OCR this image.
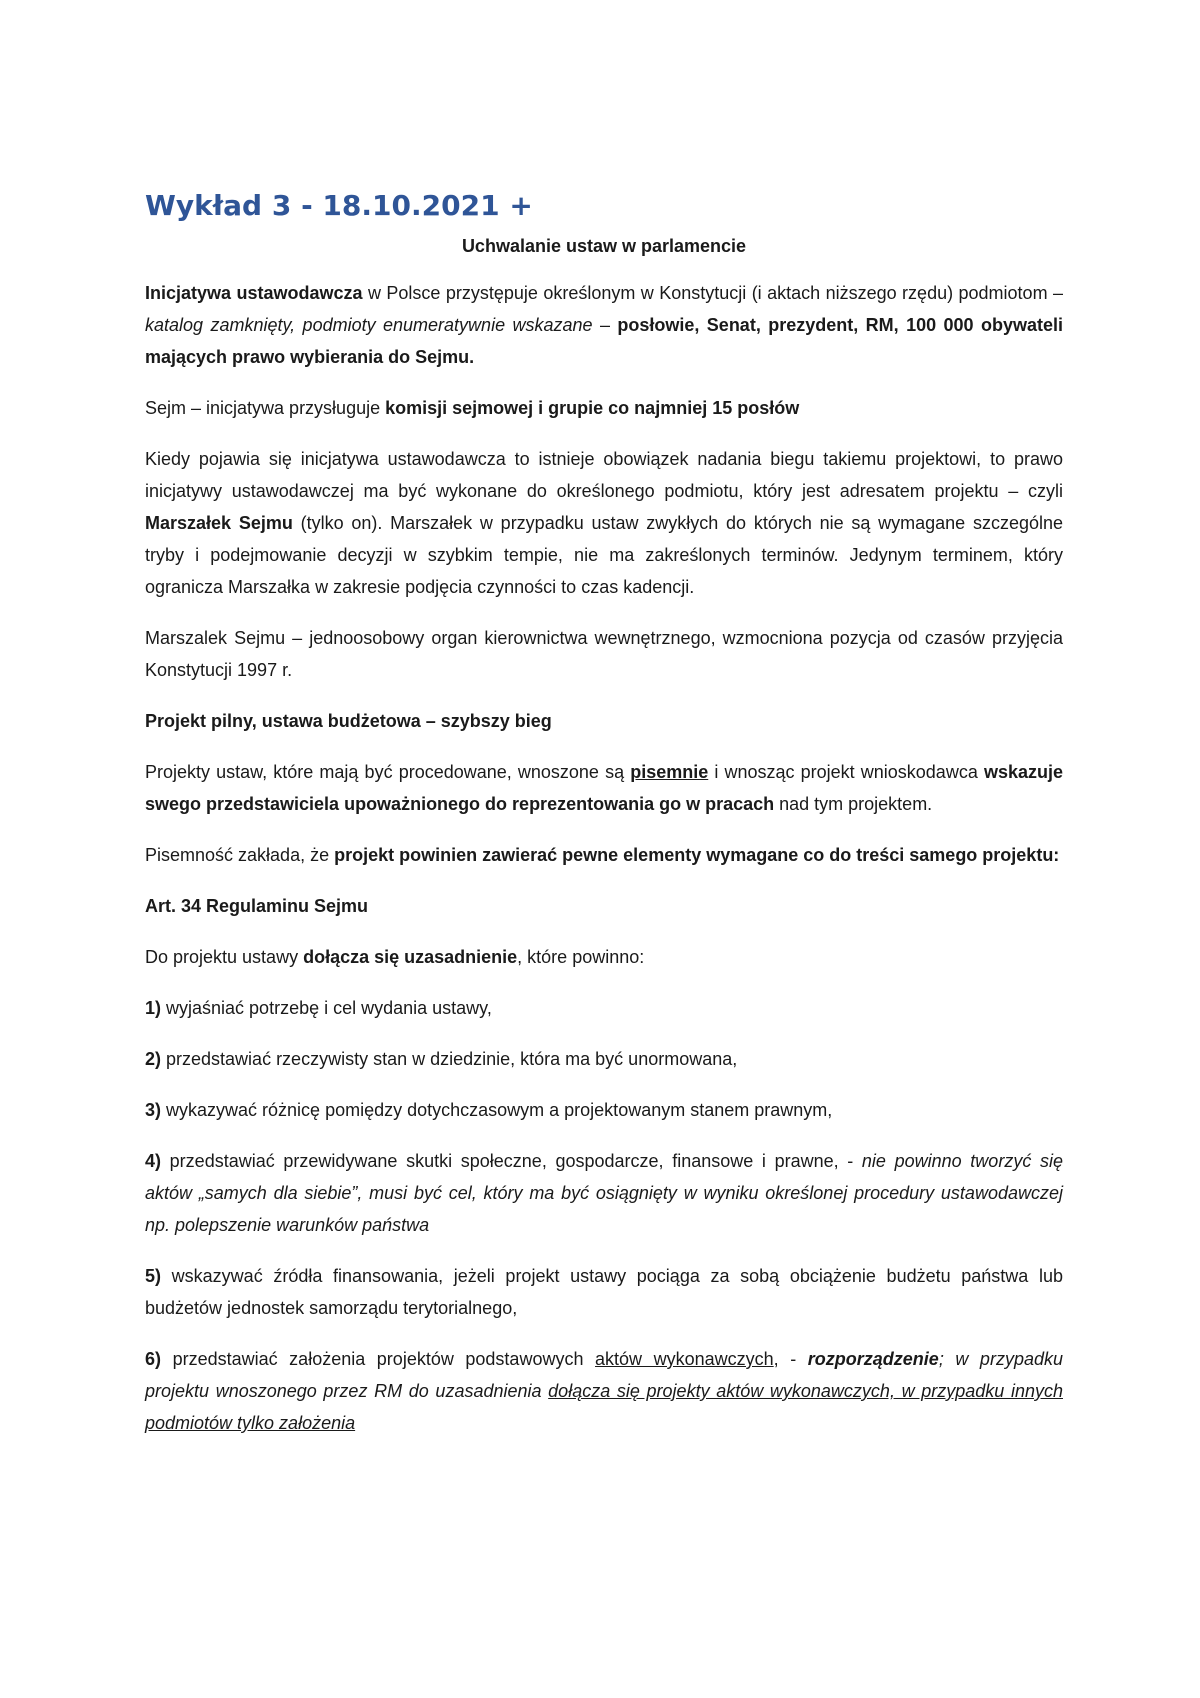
Wykład 3 - 18.10.2021 +
Uchwalanie ustaw w parlamencie

Inicjatywa ustawodawcza w Polsce przystępuje określonym w Konstytucji (i aktach niższego rzędu) podmiotom – katalog zamknięty, podmioty enumeratywnie wskazane – posłowie, Senat, prezydent, RM, 100 000 obywateli mających prawo wybierania do Sejmu.

Sejm – inicjatywa przysługuje komisji sejmowej i grupie co najmniej 15 posłów

Kiedy pojawia się inicjatywa ustawodawcza to istnieje obowiązek nadania biegu takiemu projektowi, to prawo inicjatywy ustawodawczej ma być wykonane do określonego podmiotu, który jest adresatem projektu – czyli Marszałek Sejmu (tylko on). Marszałek w przypadku ustaw zwykłych do których nie są wymagane szczególne tryby i podejmowanie decyzji w szybkim tempie, nie ma zakreślonych terminów. Jedynym terminem, który ogranicza Marszałka w zakresie podjęcia czynności to czas kadencji.

Marszalek Sejmu – jednoosobowy organ kierownictwa wewnętrznego, wzmocniona pozycja od czasów przyjęcia Konstytucji 1997 r.

Projekt pilny, ustawa budżetowa – szybszy bieg

Projekty ustaw, które mają być procedowane, wnoszone są pisemnie i wnosząc projekt wnioskodawca wskazuje swego przedstawiciela upoważnionego do reprezentowania go w pracach nad tym projektem.

Pisemność zakłada, że projekt powinien zawierać pewne elementy wymagane co do treści samego projektu:

Art. 34 Regulaminu Sejmu

Do projektu ustawy dołącza się uzasadnienie, które powinno:

1) wyjaśniać potrzebę i cel wydania ustawy,

2) przedstawiać rzeczywisty stan w dziedzinie, która ma być unormowana,

3) wykazywać różnicę pomiędzy dotychczasowym a projektowanym stanem prawnym,

4) przedstawiać przewidywane skutki społeczne, gospodarcze, finansowe i prawne, - nie powinno tworzyć się aktów „samych dla siebie”, musi być cel, który ma być osiągnięty w wyniku określonej procedury ustawodawczej np. polepszenie warunków państwa

5) wskazywać źródła finansowania, jeżeli projekt ustawy pociąga za sobą obciążenie budżetu państwa lub budżetów jednostek samorządu terytorialnego,

6) przedstawiać założenia projektów podstawowych aktów wykonawczych, - rozporządzenie; w przypadku projektu wnoszonego przez RM do uzasadnienia dołącza się projekty aktów wykonawczych, w przypadku innych podmiotów tylko założenia
